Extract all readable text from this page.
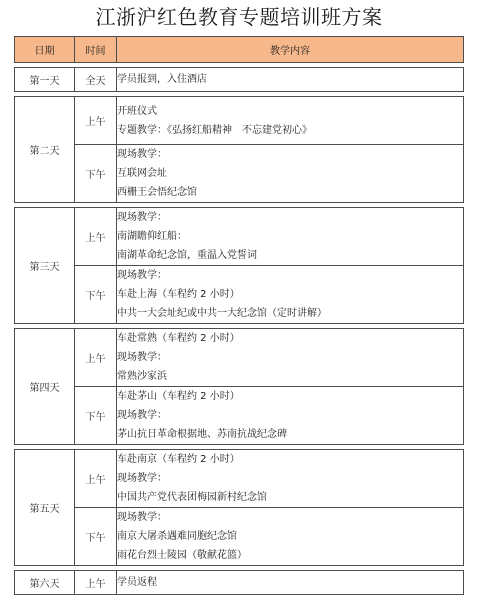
江浙沪红色教育专题培训班方案
日期	时间	教学内容

第一天	全天	学员报到，入住酒店

第二天	上午	开班仪式
专题教学：《弘扬红船精神　不忘建党初心》

	下午	现场教学：
互联网会址
西栅王会悟纪念馆

第三天	上午	现场教学：
南湖瞻仰红船：
南湖革命纪念馆，重温入党誓词

	下午	现场教学：
车赴上海（车程约 2 小时）
中共一大会址纪或中共一大纪念馆（定时讲解）

第四天	上午	车赴常熟（车程约 2 小时）
现场教学：
常熟沙家浜

	下午	车赴茅山（车程约 2 小时）
现场教学：
茅山抗日革命根据地、苏南抗战纪念碑

第五天	上午	车赴南京（车程约 2 小时）
现场教学：
中国共产党代表团梅园新村纪念馆

	下午	现场教学：
南京大屠杀遇难同胞纪念馆
雨花台烈士陵园（敬献花篮）

第六天	上午	学员返程
